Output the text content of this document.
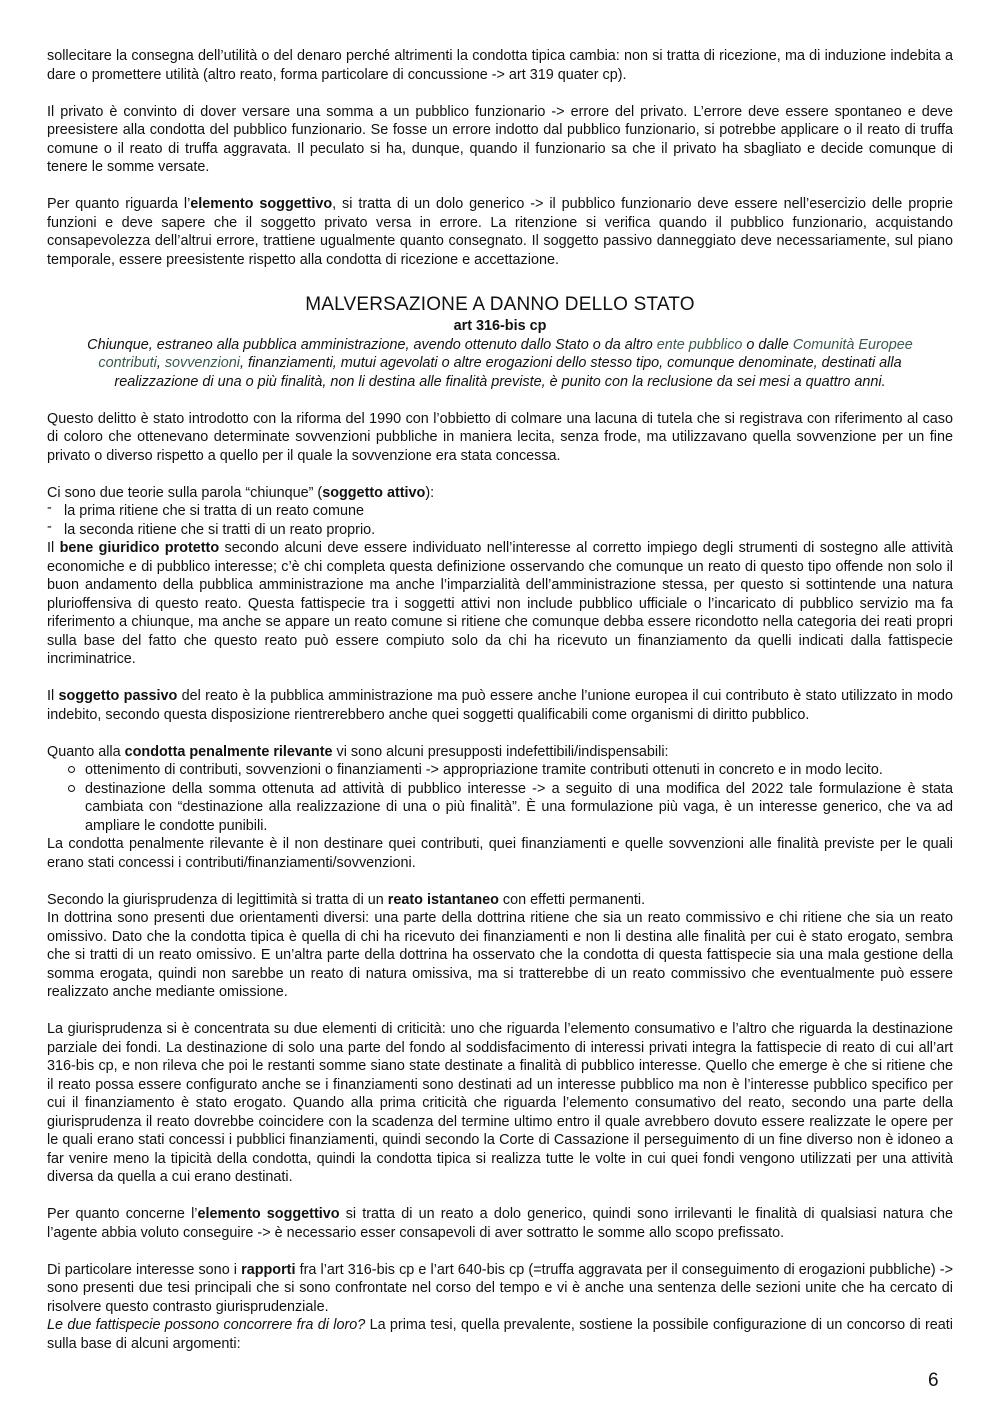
sollecitare la consegna dell’utilità o del denaro perché altrimenti la condotta tipica cambia: non si tratta di ricezione, ma di induzione indebita a dare o promettere utilità (altro reato, forma particolare di concussione -> art 319 quater cp).

Il privato è convinto di dover versare una somma a un pubblico funzionario -> errore del privato. L’errore deve essere spontaneo e deve preesistere alla condotta del pubblico funzionario. Se fosse un errore indotto dal pubblico funzionario, si potrebbe applicare o il reato di truffa comune o il reato di truffa aggravata. Il peculato si ha, dunque, quando il funzionario sa che il privato ha sbagliato e decide comunque di tenere le somme versate.

Per quanto riguarda l’elemento soggettivo, si tratta di un dolo generico -> il pubblico funzionario deve essere nell’esercizio delle proprie funzioni e deve sapere che il soggetto privato versa in errore. La ritenzione si verifica quando il pubblico funzionario, acquistando consapevolezza dell’altrui errore, trattiene ugualmente quanto consegnato. Il soggetto passivo danneggiato deve necessariamente, sul piano temporale, essere preesistente rispetto alla condotta di ricezione e accettazione.

MALVERSAZIONE A DANNO DELLO STATO

art 316-bis cp

Chiunque, estraneo alla pubblica amministrazione, avendo ottenuto dallo Stato o da altro ente pubblico o dalle Comunità Europee contributi, sovvenzioni, finanziamenti, mutui agevolati o altre erogazioni dello stesso tipo, comunque denominate, destinati alla realizzazione di una o più finalità, non li destina alle finalità previste, è punito con la reclusione da sei mesi a quattro anni.

Questo delitto è stato introdotto con la riforma del 1990 con l’obbietto di colmare una lacuna di tutela che si registrava con riferimento al caso di coloro che ottenevano determinate sovvenzioni pubbliche in maniera lecita, senza frode, ma utilizzavano quella sovvenzione per un fine privato o diverso rispetto a quello per il quale la sovvenzione era stata concessa.

Ci sono due teorie sulla parola “chiunque” (soggetto attivo):

- la prima ritiene che si tratta di un reato comune
- la seconda ritiene che si tratti di un reato proprio.

Il bene giuridico protetto secondo alcuni deve essere individuato nell’interesse al corretto impiego degli strumenti di sostegno alle attività economiche e di pubblico interesse; c’è chi completa questa definizione osservando che comunque un reato di questo tipo offende non solo il buon andamento della pubblica amministrazione ma anche l’imparzialità dell’amministrazione stessa, per questo si sottintende una natura plurioffensiva di questo reato. Questa fattispecie tra i soggetti attivi non include pubblico ufficiale o l’incaricato di pubblico servizio ma fa riferimento a chiunque, ma anche se appare un reato comune si ritiene che comunque debba essere ricondotto nella categoria dei reati propri sulla base del fatto che questo reato può essere compiuto solo da chi ha ricevuto un finanziamento da quelli indicati dalla fattispecie incriminatrice.

Il soggetto passivo del reato è la pubblica amministrazione ma può essere anche l’unione europea il cui contributo è stato utilizzato in modo indebito, secondo questa disposizione rientrerebbero anche quei soggetti qualificabili come organismi di diritto pubblico.

Quanto alla condotta penalmente rilevante vi sono alcuni presupposti indefettibili/indispensabili:

ottenimento di contributi, sovvenzioni o finanziamenti -> appropriazione tramite contributi ottenuti in concreto e in modo lecito.
destinazione della somma ottenuta ad attività di pubblico interesse -> a seguito di una modifica del 2022 tale formulazione è stata cambiata con “destinazione alla realizzazione di una o più finalità”. È una formulazione più vaga, è un interesse generico, che va ad ampliare le condotte punibili.

La condotta penalmente rilevante è il non destinare quei contributi, quei finanziamenti e quelle sovvenzioni alle finalità previste per le quali erano stati concessi i contributi/finanziamenti/sovvenzioni.

Secondo la giurisprudenza di legittimità si tratta di un reato istantaneo con effetti permanenti.

In dottrina sono presenti due orientamenti diversi: una parte della dottrina ritiene che sia un reato commissivo e chi ritiene che sia un reato omissivo. Dato che la condotta tipica è quella di chi ha ricevuto dei finanziamenti e non li destina alle finalità per cui è stato erogato, sembra che si tratti di un reato omissivo. E un’altra parte della dottrina ha osservato che la condotta di questa fattispecie sia una mala gestione della somma erogata, quindi non sarebbe un reato di natura omissiva, ma si tratterebbe di un reato commissivo che eventualmente può essere realizzato anche mediante omissione.

La giurisprudenza si è concentrata su due elementi di criticità: uno che riguarda l’elemento consumativo e l’altro che riguarda la destinazione parziale dei fondi. La destinazione di solo una parte del fondo al soddisfacimento di interessi privati integra la fattispecie di reato di cui all’art 316-bis cp, e non rileva che poi le restanti somme siano state destinate a finalità di pubblico interesse. Quello che emerge è che si ritiene che il reato possa essere configurato anche se i finanziamenti sono destinati ad un interesse pubblico ma non è l’interesse pubblico specifico per cui il finanziamento è stato erogato. Quando alla prima criticità che riguarda l’elemento consumativo del reato, secondo una parte della giurisprudenza il reato dovrebbe coincidere con la scadenza del termine ultimo entro il quale avrebbero dovuto essere realizzate le opere per le quali erano stati concessi i pubblici finanziamenti, quindi secondo la Corte di Cassazione il perseguimento di un fine diverso non è idoneo a far venire meno la tipicità della condotta, quindi la condotta tipica si realizza tutte le volte in cui quei fondi vengono utilizzati per una attività diversa da quella a cui erano destinati.

Per quanto concerne l’elemento soggettivo si tratta di un reato a dolo generico, quindi sono irrilevanti le finalità di qualsiasi natura che l’agente abbia voluto conseguire -> è necessario esser consapevoli di aver sottratto le somme allo scopo prefissato.

Di particolare interesse sono i rapporti fra l’art 316-bis cp e l’art 640-bis cp (=truffa aggravata per il conseguimento di erogazioni pubbliche) -> sono presenti due tesi principali che si sono confrontate nel corso del tempo e vi è anche una sentenza delle sezioni unite che ha cercato di risolvere questo contrasto giurisprudenziale.

Le due fattispecie possono concorrere fra di loro? La prima tesi, quella prevalente, sostiene la possibile configurazione di un concorso di reati sulla base di alcuni argomenti:

6
